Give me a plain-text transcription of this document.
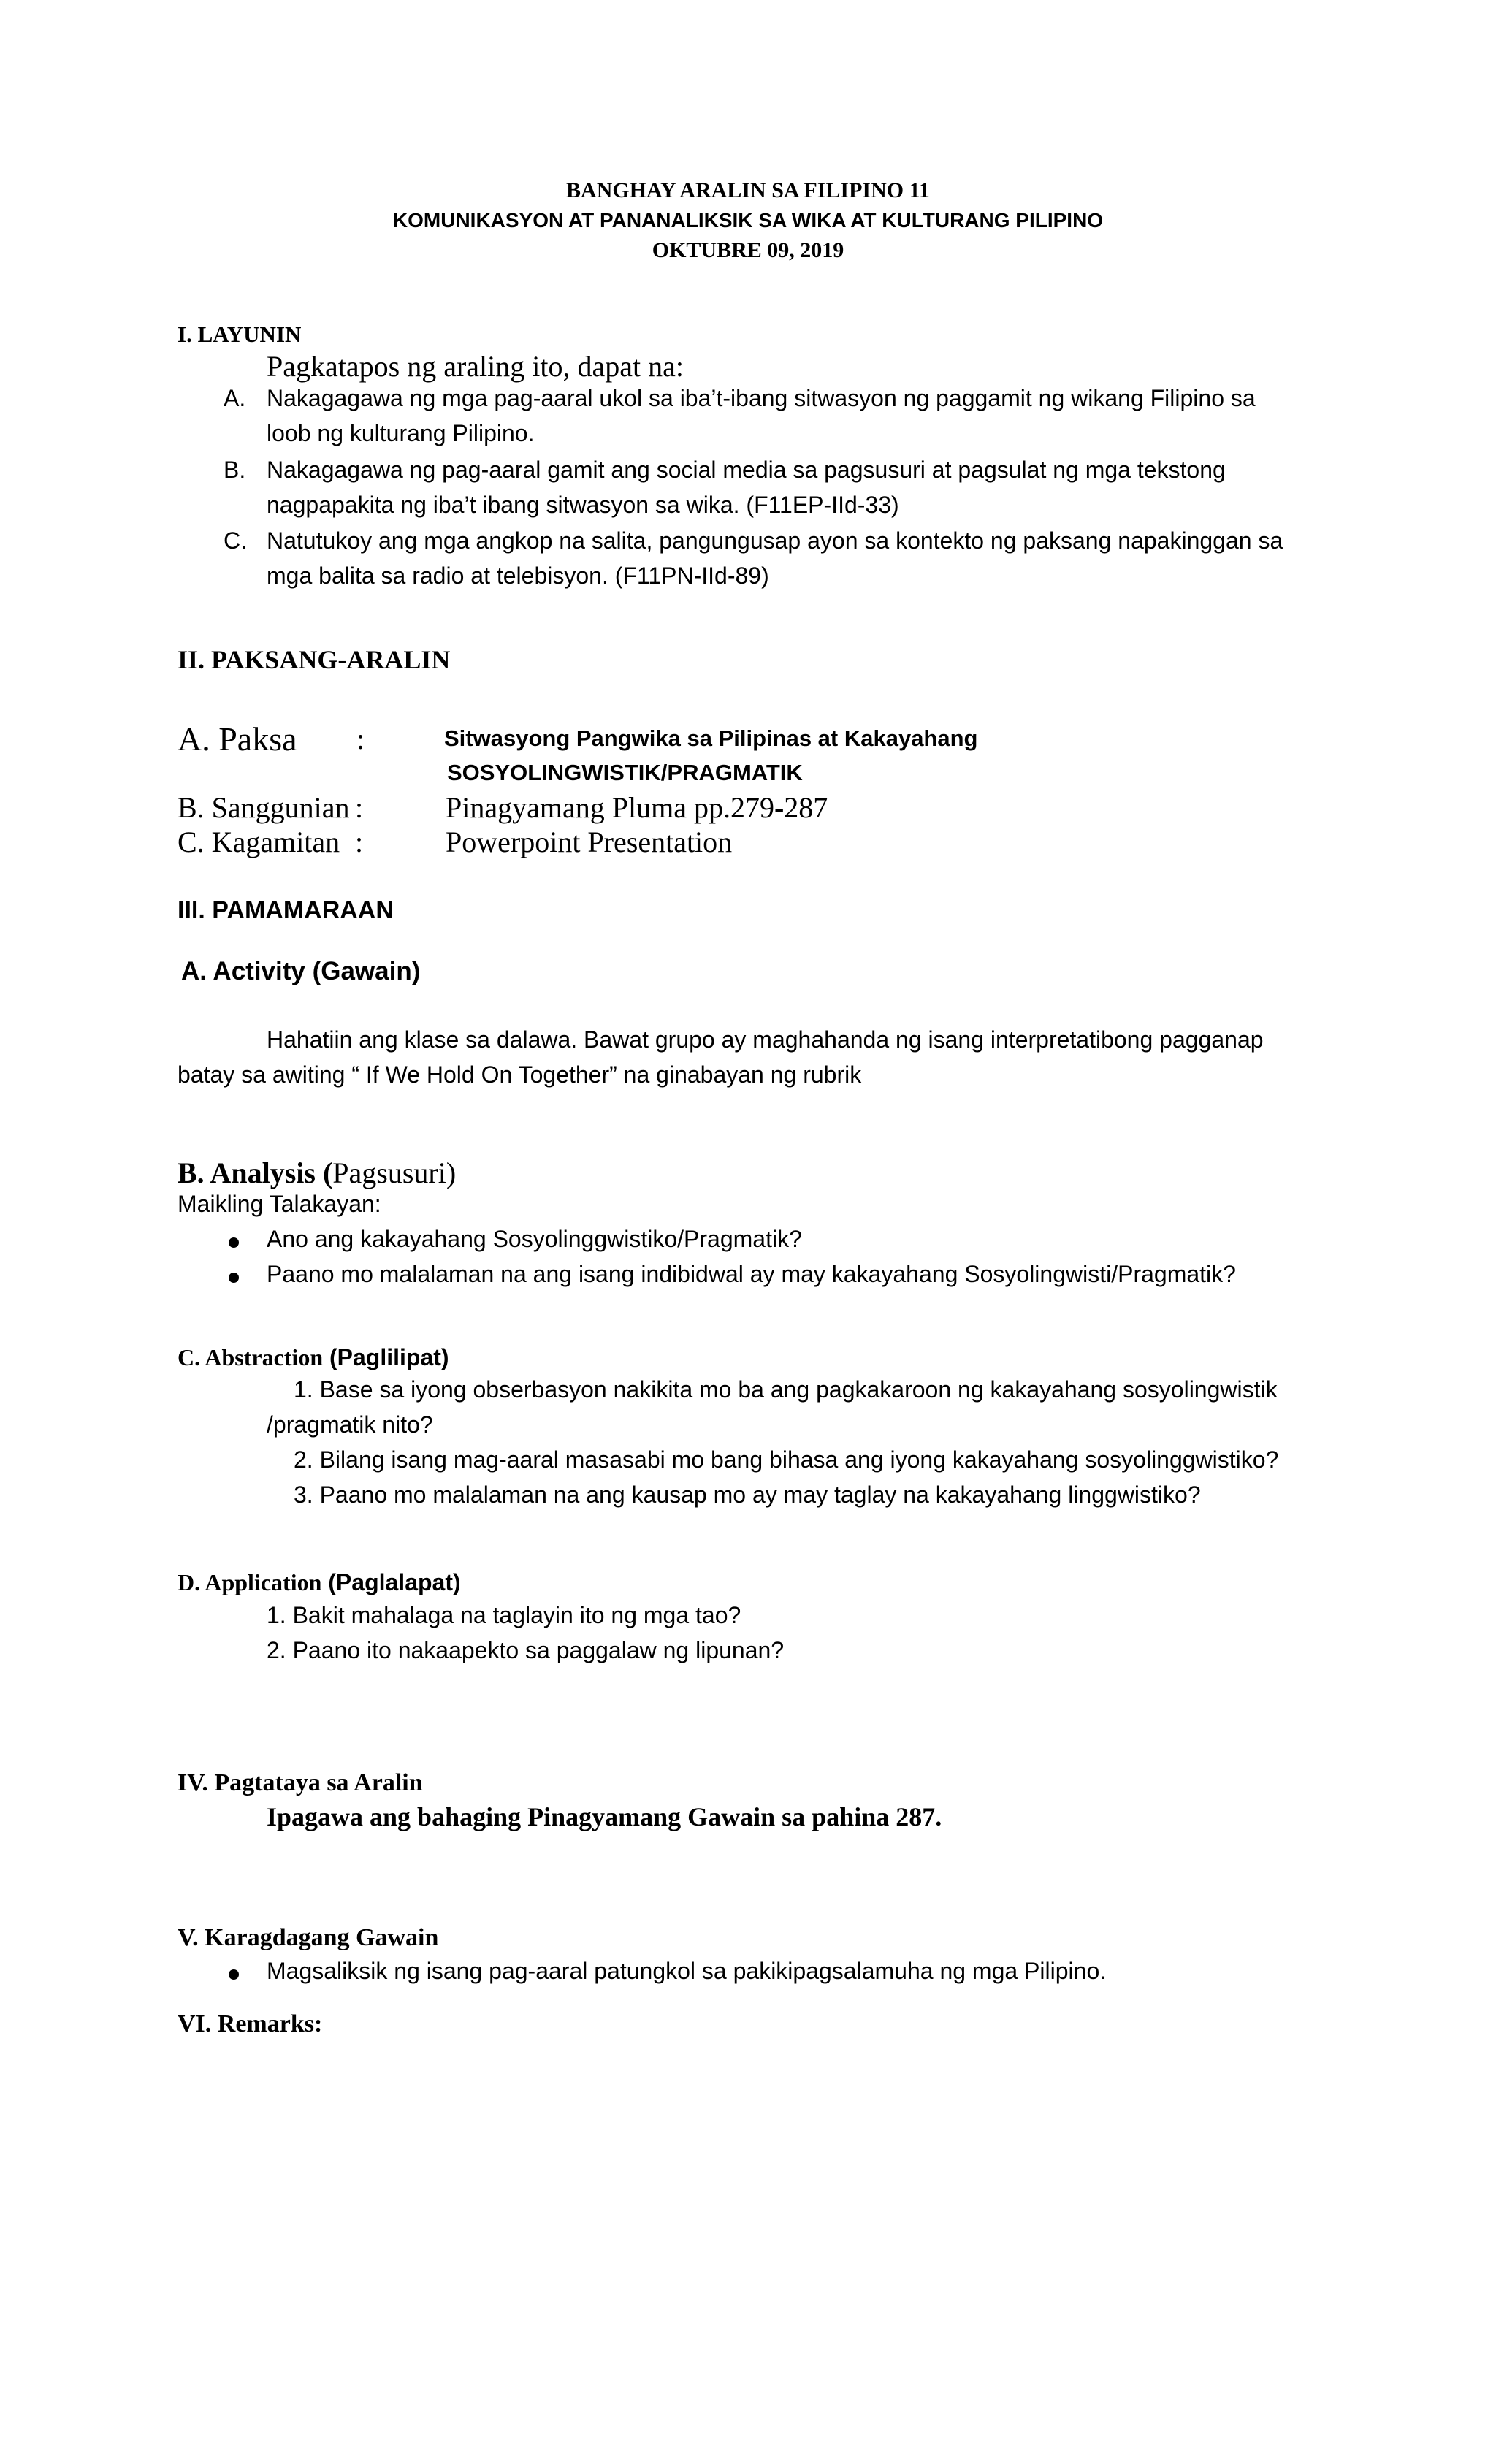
BANGHAY ARALIN SA FILIPINO 11
KOMUNIKASYON AT PANANALIKSIK SA WIKA AT KULTURANG PILIPINO
OKTUBRE 09, 2019
I. LAYUNIN
Pagkatapos ng araling ito, dapat na:
A. Nakagagawa ng mga pag-aaral ukol sa iba’t-ibang sitwasyon ng paggamit ng wikang Filipino sa
loob ng kulturang Pilipino.
B. Nakagagawa ng pag-aaral gamit ang social media sa pagsusuri at pagsulat ng mga tekstong
nagpapakita ng iba’t ibang sitwasyon sa wika. (F11EP-IId-33)
C. Natutukoy ang mga angkop na salita, pangungusap ayon sa kontekto ng paksang napakinggan sa
mga balita sa radio at telebisyon. (F11PN-IId-89)
II. PAKSANG-ARALIN
A. Paksa :	Sitwasyong Pangwika sa Pilipinas at Kakayahang
SOSYOLINGWISTIK/PRAGMATIK
B. Sanggunian :	Pinagyamang Pluma pp.279-287
C. Kagamitan :	Powerpoint Presentation
III. PAMAMARAAN
A. Activity (Gawain)
Hahatiin ang klase sa dalawa. Bawat grupo ay maghahanda ng isang interpretatibong pagganap
batay sa awiting “ If We Hold On Together” na ginabayan ng rubrik
B. Analysis (Pagsusuri)
Maikling Talakayan:
Ano ang kakayahang Sosyolinggwistiko/Pragmatik?
Paano mo malalaman na ang isang indibidwal ay may kakayahang Sosyolingwisti/Pragmatik?
C. Abstraction (Paglilipat)
1. Base sa iyong obserbasyon nakikita mo ba ang pagkakaroon ng kakayahang sosyolingwistik
/pragmatik nito?
2. Bilang isang mag-aaral masasabi mo bang bihasa ang iyong kakayahang sosyolinggwistiko?
3. Paano mo malalaman na ang kausap mo ay may taglay na kakayahang linggwistiko?
D. Application (Paglalapat)
1. Bakit mahalaga na taglayin ito ng mga tao?
2. Paano ito nakaapekto sa paggalaw ng lipunan?
IV. Pagtataya sa Aralin
Ipagawa ang bahaging Pinagyamang Gawain sa pahina 287.
V. Karagdagang Gawain
Magsaliksik ng isang pag-aaral patungkol sa pakikipagsalamuha ng mga Pilipino.
VI. Remarks:
